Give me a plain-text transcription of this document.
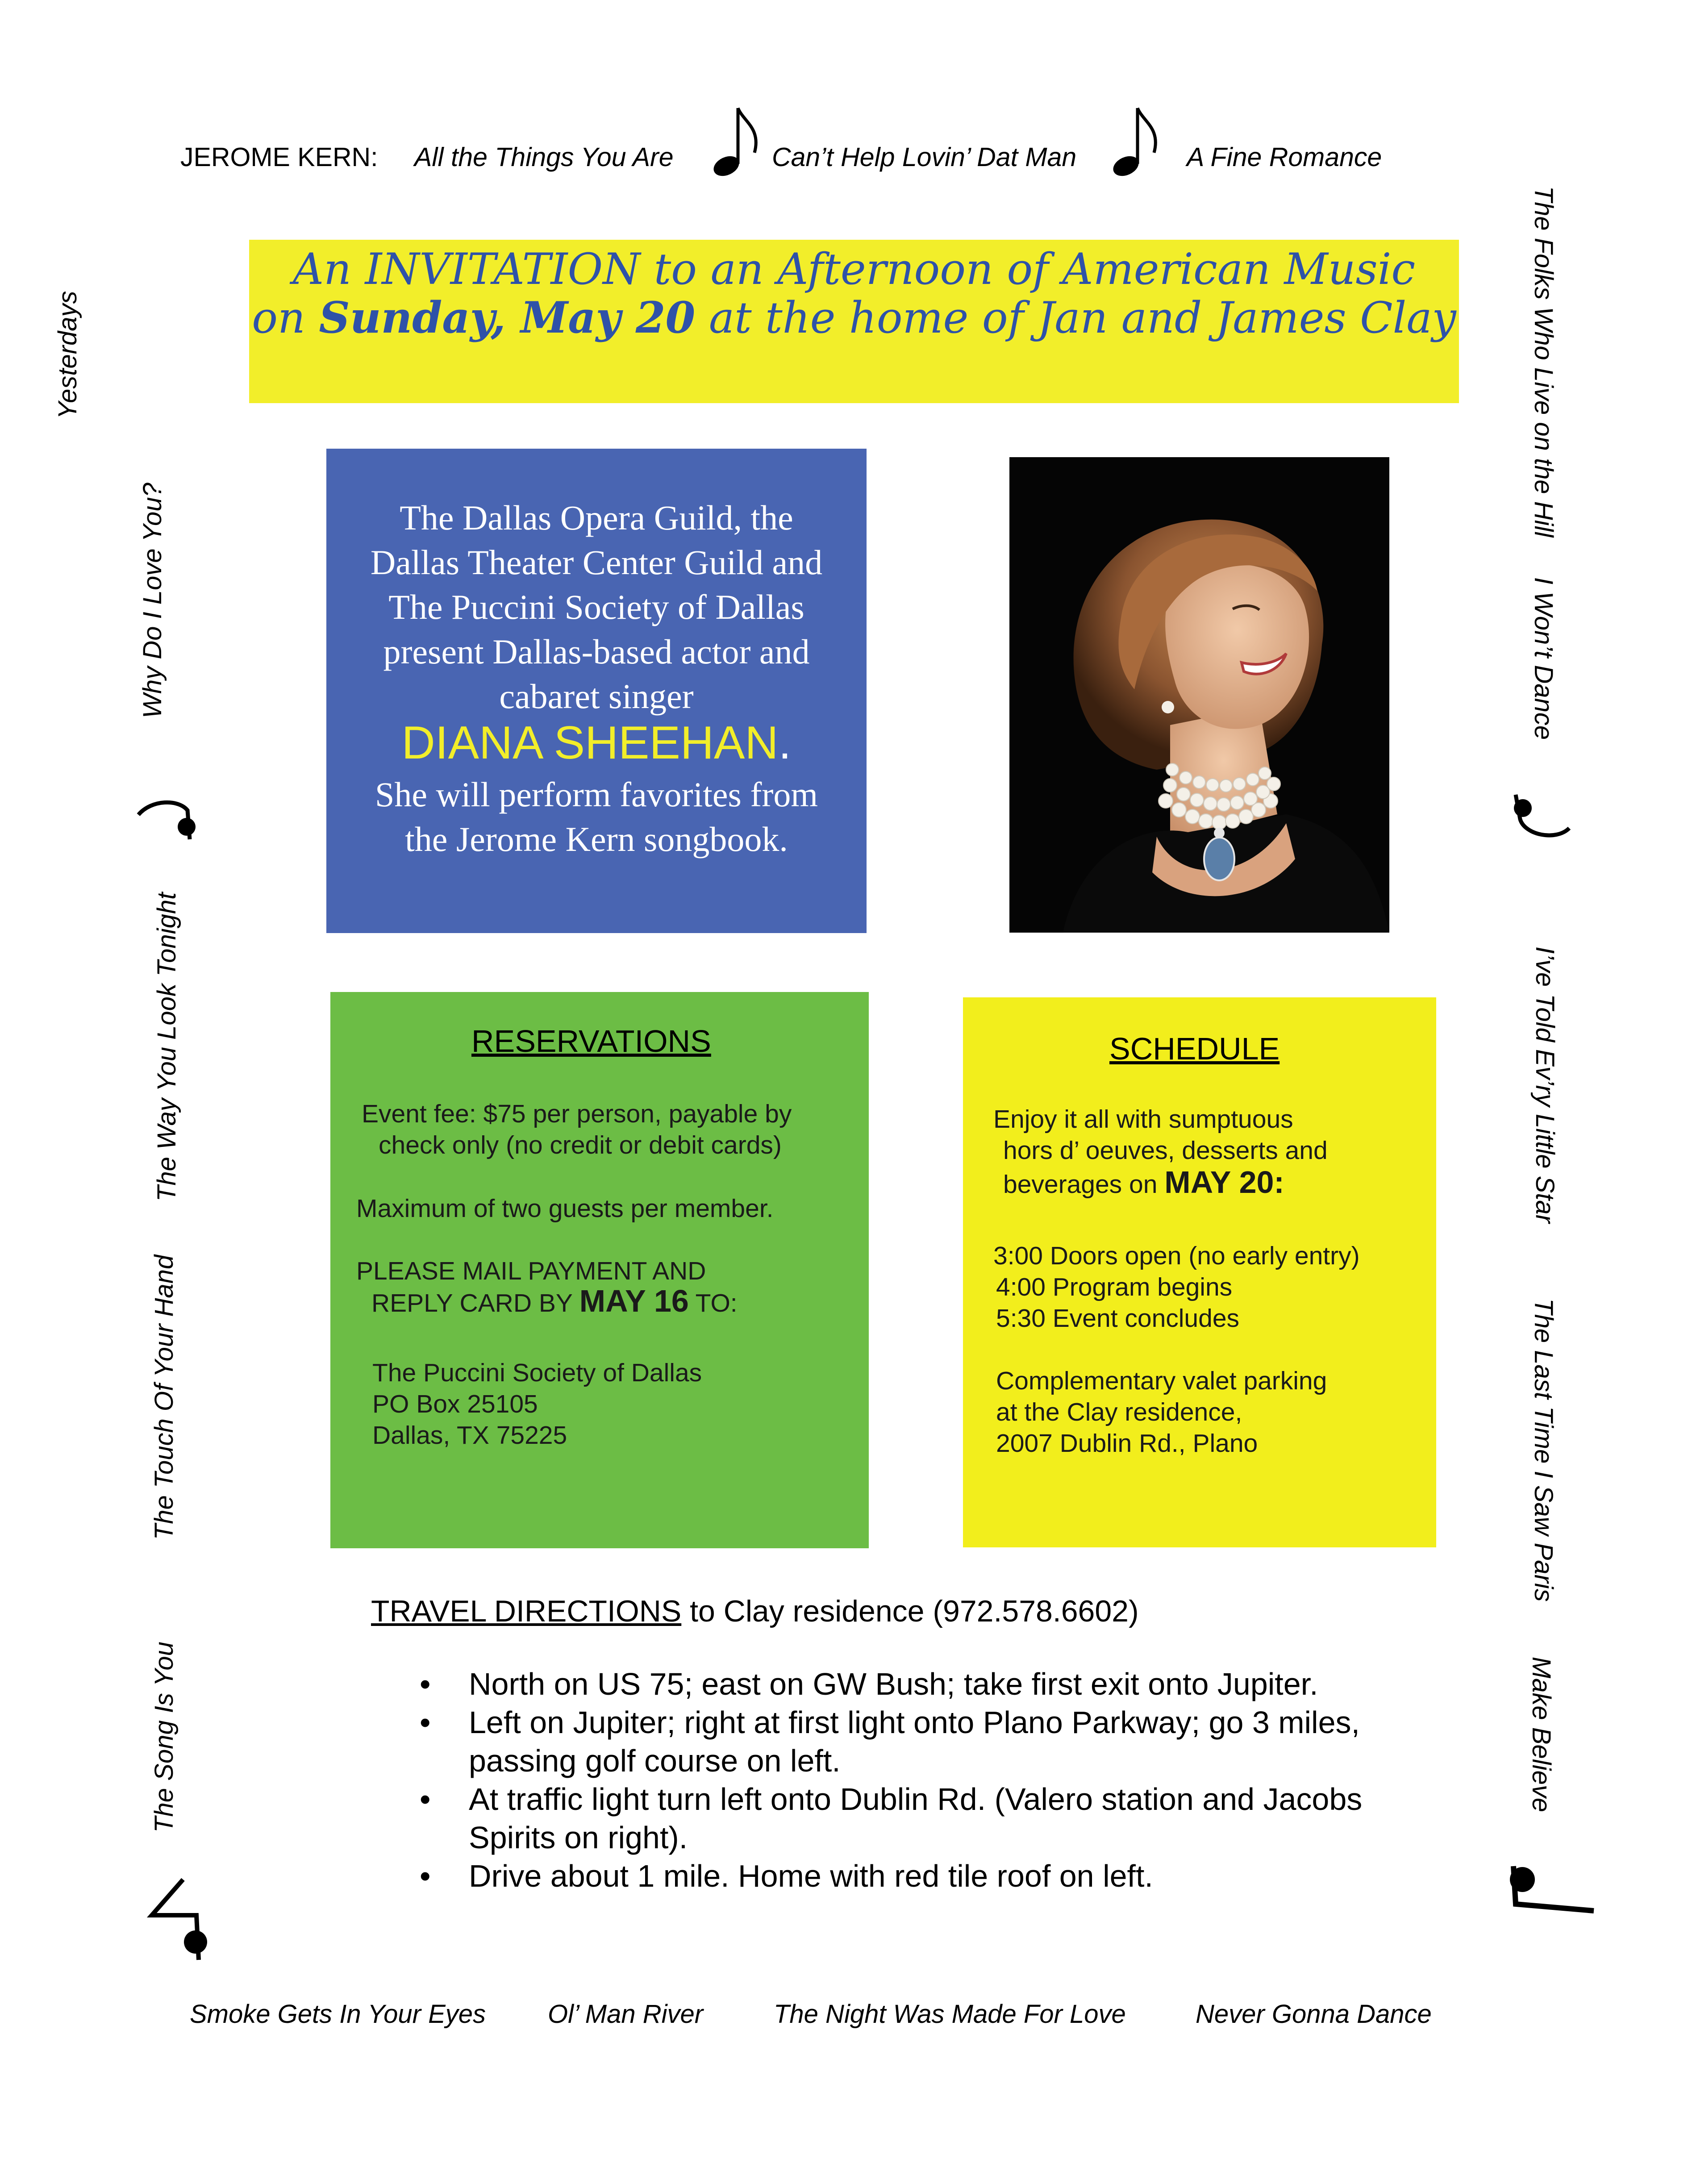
JEROME KERN: All the Things You Are	Can’t Help Lovin’ Dat Man	A Fine Romance
Yesterdays
Why Do I Love You?
The Way You Look Tonight
The Touch Of Your Hand
The Song Is You
The Folks Who Live on the Hill
I Won’t Dance
I’ve Told Ev’ry Little Star
The Last Time I Saw Paris
Make Believe
An INVITATION to an Afternoon of American Music
on Sunday, May 20 at the home of Jan and James Clay
The Dallas Opera Guild, the
Dallas Theater Center Guild and
The Puccini Society of Dallas
present Dallas-based actor and
cabaret singer
DIANA SHEEHAN.
She will perform favorites from
the Jerome Kern songbook.
RESERVATIONS
Event fee: $75 per person, payable by
check only (no credit or debit cards)
Maximum of two guests per member.
PLEASE MAIL PAYMENT AND
REPLY CARD BY MAY 16 TO:
The Puccini Society of Dallas
PO Box 25105
Dallas, TX 75225
SCHEDULE
Enjoy it all with sumptuous
hors d’ oeuves, desserts and
beverages on MAY 20:
3:00 Doors open (no early entry)
4:00 Program begins
5:30 Event concludes
Complementary valet parking
at the Clay residence,
2007 Dublin Rd., Plano
TRAVEL DIRECTIONS to Clay residence (972.578.6602)
• North on US 75; east on GW Bush; take first exit onto Jupiter.
• Left on Jupiter; right at first light onto Plano Parkway; go 3 miles,
passing golf course on left.
• At traffic light turn left onto Dublin Rd. (Valero station and Jacobs
Spirits on right).
• Drive about 1 mile. Home with red tile roof on left.
Smoke Gets In Your Eyes Ol’ Man River	The Night Was Made For Love	Never Gonna Dance
